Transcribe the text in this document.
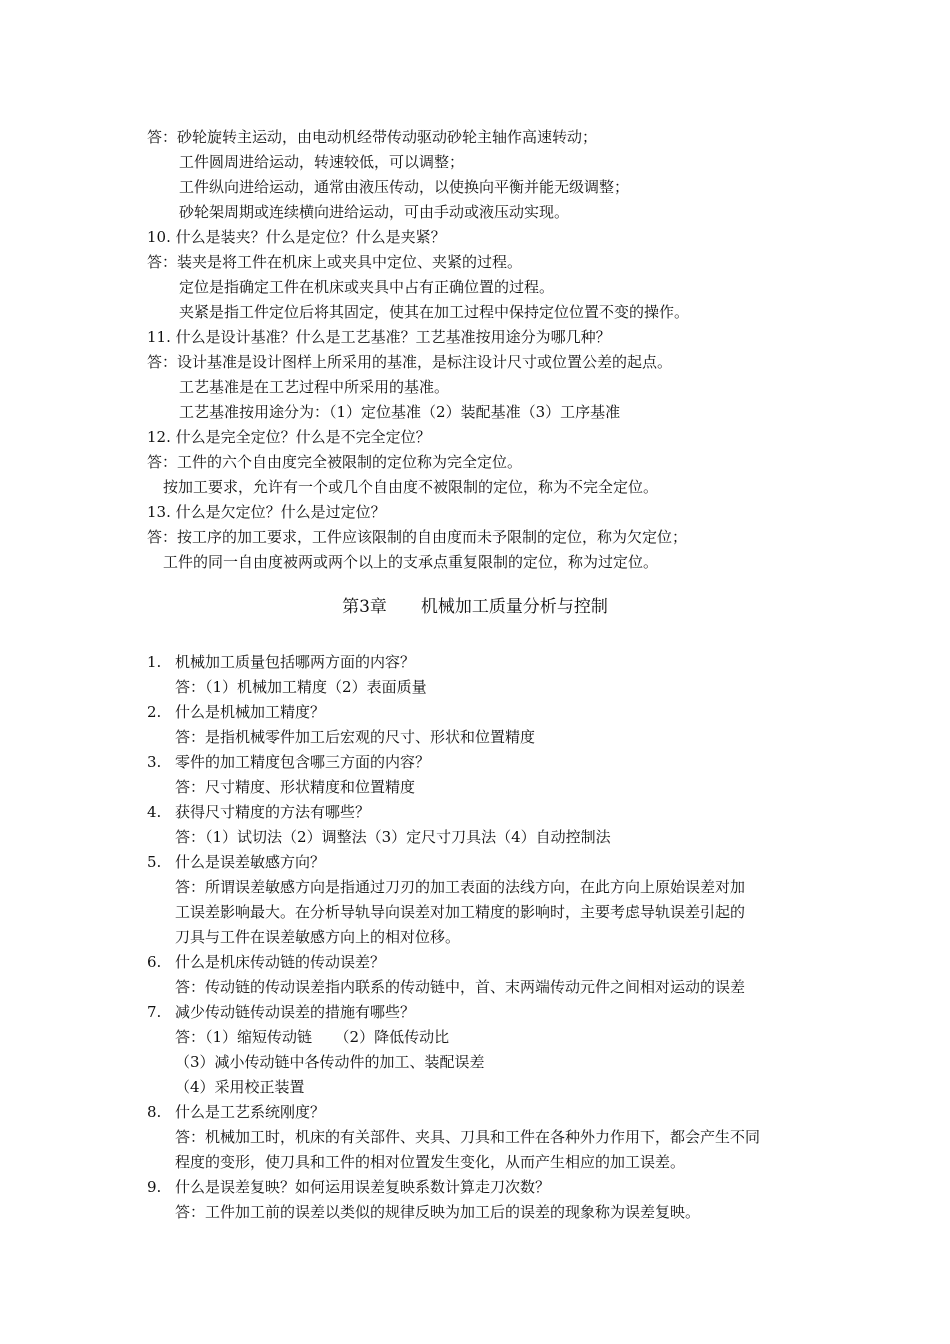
答：砂轮旋转主运动，由电动机经带传动驱动砂轮主轴作高速转动；
工件圆周进给运动，转速较低，可以调整；
工件纵向进给运动，通常由液压传动，以使换向平衡并能无级调整；
砂轮架周期或连续横向进给运动，可由手动或液压动实现。
10. 什么是装夹？什么是定位？什么是夹紧？
答：装夹是将工件在机床上或夹具中定位、夹紧的过程。
定位是指确定工件在机床或夹具中占有正确位置的过程。
夹紧是指工件定位后将其固定，使其在加工过程中保持定位位置不变的操作。
11. 什么是设计基准？什么是工艺基准？工艺基准按用途分为哪几种？
答：设计基准是设计图样上所采用的基准，是标注设计尺寸或位置公差的起点。
工艺基准是在工艺过程中所采用的基准。
工艺基准按用途分为：（1）定位基准（2）装配基准（3）工序基准
12. 什么是完全定位？什么是不完全定位？
答：工件的六个自由度完全被限制的定位称为完全定位。
按加工要求，允许有一个或几个自由度不被限制的定位，称为不完全定位。
13. 什么是欠定位？什么是过定位？
答：按工序的加工要求，工件应该限制的自由度而未予限制的定位，称为欠定位；
工件的同一自由度被两或两个以上的支承点重复限制的定位，称为过定位。
第3章　　机械加工质量分析与控制
1. 机械加工质量包括哪两方面的内容？
答：（1）机械加工精度（2）表面质量
2. 什么是机械加工精度？
答：是指机械零件加工后宏观的尺寸、形状和位置精度
3. 零件的加工精度包含哪三方面的内容？
答：尺寸精度、形状精度和位置精度
4. 获得尺寸精度的方法有哪些？
答：（1）试切法（2）调整法（3）定尺寸刀具法（4）自动控制法
5. 什么是误差敏感方向？
答：所谓误差敏感方向是指通过刀刃的加工表面的法线方向，在此方向上原始误差对加
工误差影响最大。在分析导轨导向误差对加工精度的影响时，主要考虑导轨误差引起的
刀具与工件在误差敏感方向上的相对位移。
6. 什么是机床传动链的传动误差？
答：传动链的传动误差指内联系的传动链中，首、末两端传动元件之间相对运动的误差
7. 减少传动链传动误差的措施有哪些？
答：（1）缩短传动链　　（2）降低传动比
（3）减小传动链中各传动件的加工、装配误差
（4）采用校正装置
8. 什么是工艺系统刚度？
答：机械加工时，机床的有关部件、夹具、刀具和工件在各种外力作用下，都会产生不同
程度的变形，使刀具和工件的相对位置发生变化，从而产生相应的加工误差。
9. 什么是误差复映？如何运用误差复映系数计算走刀次数？
答：工件加工前的误差以类似的规律反映为加工后的误差的现象称为误差复映。
